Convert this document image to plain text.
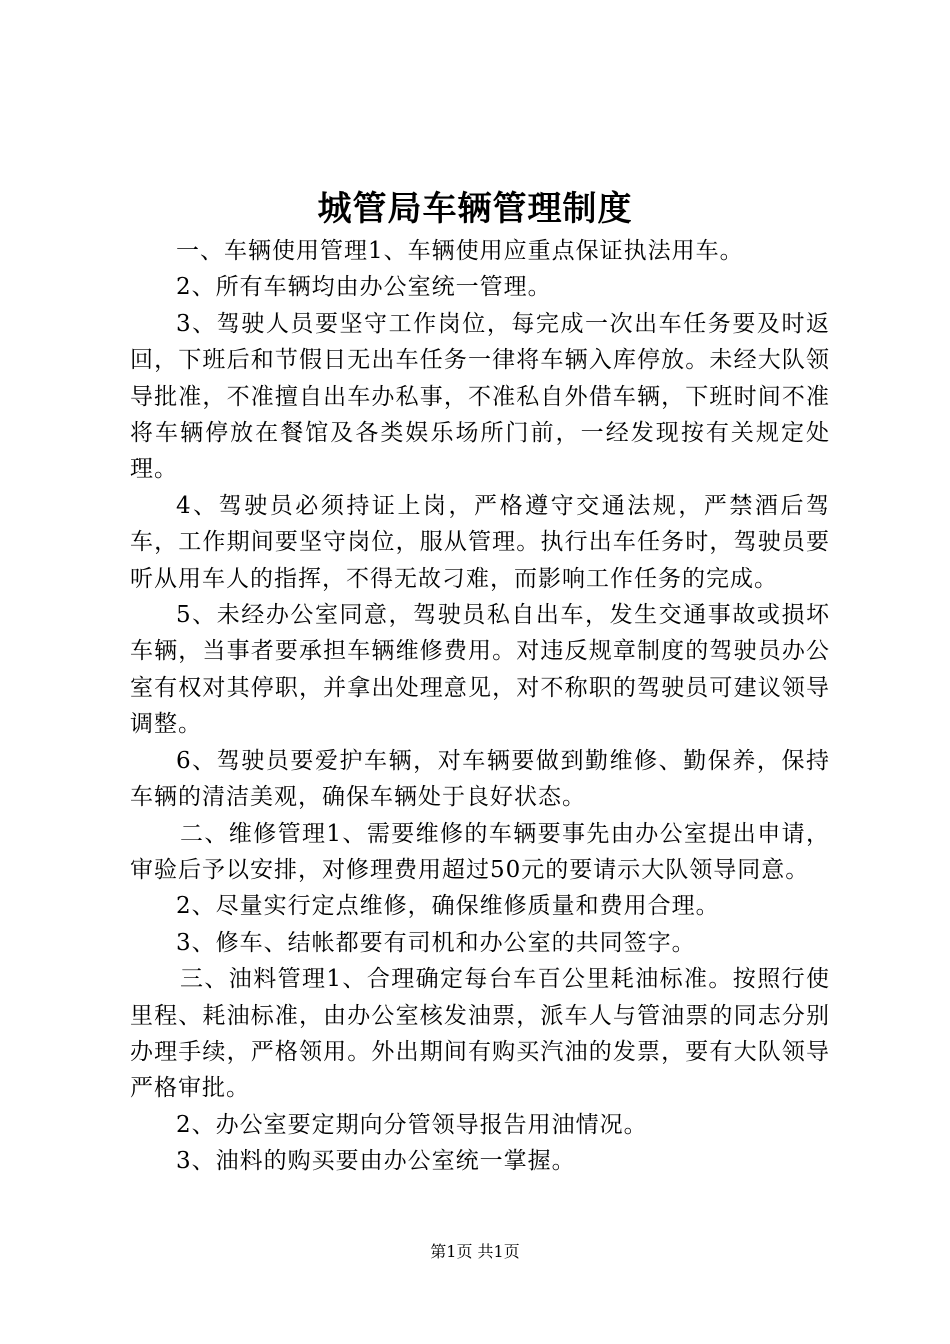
城管局车辆管理制度

一、车辆使用管理1、车辆使用应重点保证执法用车。

2、所有车辆均由办公室统一管理。

3、驾驶人员要坚守工作岗位，每完成一次出车任务要及时返回，下班后和节假日无出车任务一律将车辆入库停放。未经大队领导批准，不准擅自出车办私事，不准私自外借车辆，下班时间不准将车辆停放在餐馆及各类娱乐场所门前，一经发现按有关规定处理。

4、驾驶员必须持证上岗，严格遵守交通法规，严禁酒后驾车，工作期间要坚守岗位，服从管理。执行出车任务时，驾驶员要听从用车人的指挥，不得无故刁难，而影响工作任务的完成。

5、未经办公室同意，驾驶员私自出车，发生交通事故或损坏车辆，当事者要承担车辆维修费用。对违反规章制度的驾驶员办公室有权对其停职，并拿出处理意见，对不称职的驾驶员可建议领导调整。

6、驾驶员要爱护车辆，对车辆要做到勤维修、勤保养，保持车辆的清洁美观，确保车辆处于良好状态。

二、维修管理1、需要维修的车辆要事先由办公室提出申请，审验后予以安排，对修理费用超过50元的要请示大队领导同意。

2、尽量实行定点维修，确保维修质量和费用合理。

3、修车、结帐都要有司机和办公室的共同签字。

三、油料管理1、合理确定每台车百公里耗油标准。按照行使里程、耗油标准，由办公室核发油票，派车人与管油票的同志分别办理手续，严格领用。外出期间有购买汽油的发票，要有大队领导严格审批。

2、办公室要定期向分管领导报告用油情况。

3、油料的购买要由办公室统一掌握。

第1页 共1页
